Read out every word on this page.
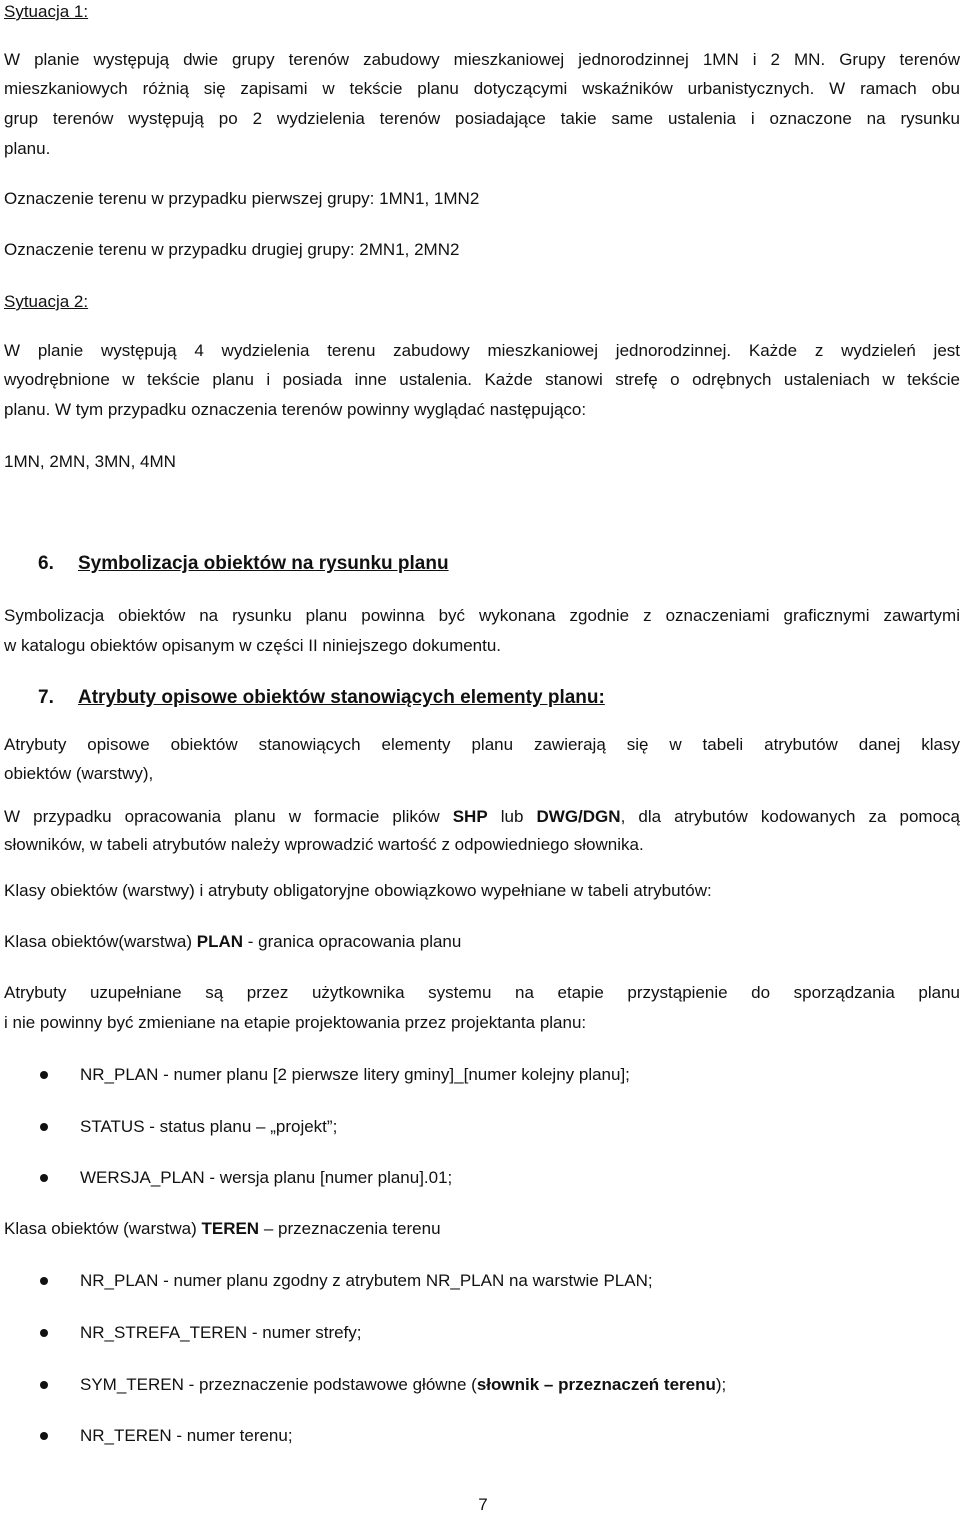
Sytuacja 1:

W planie występują dwie grupy terenów zabudowy mieszkaniowej jednorodzinnej 1MN i 2 MN. Grupy terenów

mieszkaniowych różnią się zapisami w tekście planu dotyczącymi wskaźników urbanistycznych. W ramach obu

grup terenów występują po 2 wydzielenia terenów posiadające takie same ustalenia i oznaczone na rysunku

planu.

Oznaczenie terenu w przypadku pierwszej grupy: 1MN1, 1MN2

Oznaczenie terenu w przypadku drugiej grupy: 2MN1, 2MN2

Sytuacja 2:

W planie występują 4 wydzielenia terenu zabudowy mieszkaniowej jednorodzinnej. Każde z wydzieleń jest

wyodrębnione w tekście planu i posiada inne ustalenia. Każde stanowi strefę o odrębnych ustaleniach w tekście

planu. W tym przypadku oznaczenia terenów powinny wyglądać następująco:

1MN, 2MN, 3MN, 4MN

6. Symbolizacja obiektów na rysunku planu

Symbolizacja obiektów na rysunku planu powinna być wykonana zgodnie z oznaczeniami graficznymi zawartymi

w katalogu obiektów opisanym w części II niniejszego dokumentu.

7. Atrybuty opisowe obiektów stanowiących elementy planu:

Atrybuty opisowe obiektów stanowiących elementy planu zawierają się w tabeli atrybutów danej klasy

obiektów (warstwy),

W przypadku opracowania planu w formacie plików SHP lub DWG/DGN, dla atrybutów kodowanych za pomocą

słowników, w tabeli atrybutów należy wprowadzić wartość z odpowiedniego słownika.

Klasy obiektów (warstwy) i atrybuty obligatoryjne obowiązkowo wypełniane w tabeli atrybutów:

Klasa obiektów(warstwa) PLAN - granica opracowania planu

Atrybuty uzupełniane są przez użytkownika systemu na etapie przystąpienie do sporządzania planu

i nie powinny być zmieniane na etapie projektowania przez projektanta planu:

NR_PLAN - numer planu [2 pierwsze litery gminy]_[numer kolejny planu];

STATUS - status planu – „projekt”;

WERSJA_PLAN - wersja planu [numer planu].01;

Klasa obiektów (warstwa) TEREN – przeznaczenia terenu

NR_PLAN - numer planu zgodny z atrybutem NR_PLAN na warstwie PLAN;

NR_STREFA_TEREN - numer strefy;

SYM_TEREN - przeznaczenie podstawowe główne (słownik – przeznaczeń terenu);

NR_TEREN - numer terenu;

7
